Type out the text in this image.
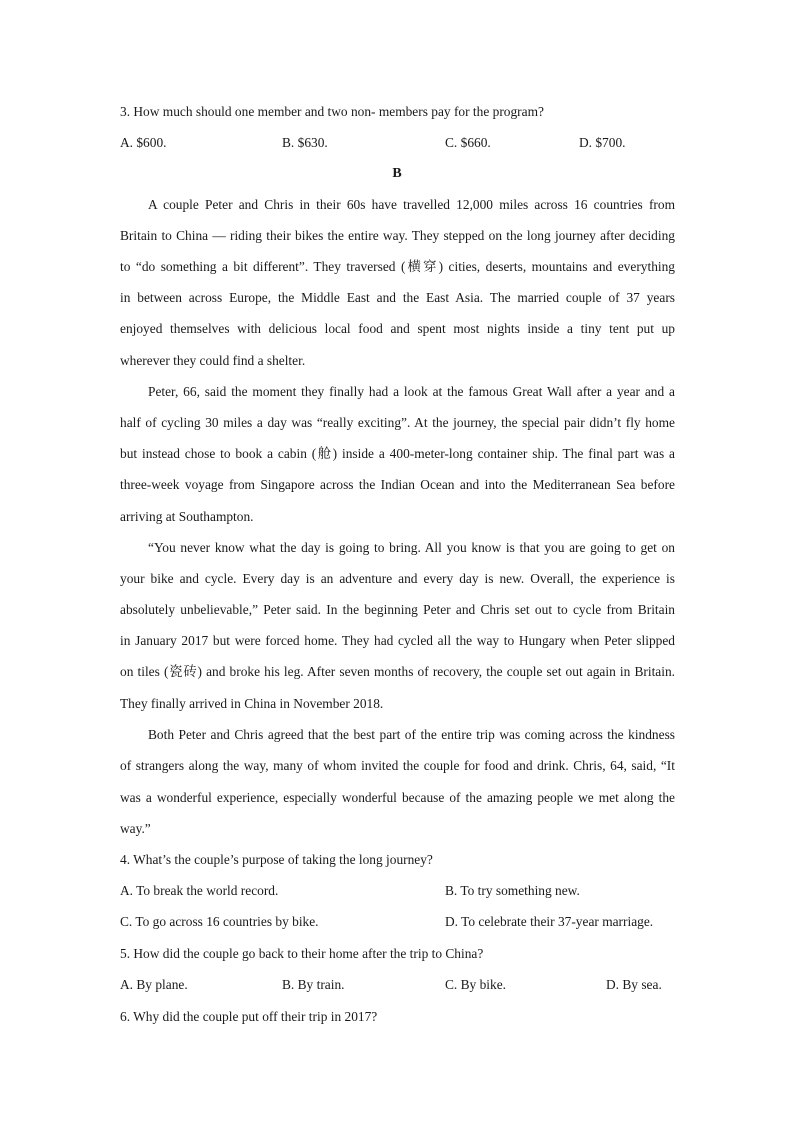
3. How much should one member and two non- members pay for the program?
A. $600.	B. $630.	C. $660.	D. $700.
B
A couple Peter and Chris in their 60s have travelled 12,000 miles across 16 countries from
Britain to China — riding their bikes the entire way. They stepped on the long journey after deciding
to “do something a bit different”. They traversed (横穿) cities, deserts, mountains and everything
in between across Europe, the Middle East and the East Asia. The married couple of 37 years
enjoyed themselves with delicious local food and spent most nights inside a tiny tent put up
wherever they could find a shelter.
Peter, 66, said the moment they finally had a look at the famous Great Wall after a year and a
half of cycling 30 miles a day was “really exciting”. At the journey, the special pair didn’t fly home
but instead chose to book a cabin (舱) inside a 400-meter-long container ship. The final part was a
three-week voyage from Singapore across the Indian Ocean and into the Mediterranean Sea before
arriving at Southampton.
“You never know what the day is going to bring. All you know is that you are going to get on
your bike and cycle. Every day is an adventure and every day is new. Overall, the experience is
absolutely unbelievable,” Peter said. In the beginning Peter and Chris set out to cycle from Britain
in January 2017 but were forced home. They had cycled all the way to Hungary when Peter slipped
on tiles (瓷砖) and broke his leg. After seven months of recovery, the couple set out again in Britain.
They finally arrived in China in November 2018.
Both Peter and Chris agreed that the best part of the entire trip was coming across the kindness
of strangers along the way, many of whom invited the couple for food and drink. Chris, 64, said, “It
was a wonderful experience, especially wonderful because of the amazing people we met along the
way.”
4. What’s the couple’s purpose of taking the long journey?
A. To break the world record.	B. To try something new.
C. To go across 16 countries by bike.	D. To celebrate their 37-year marriage.
5. How did the couple go back to their home after the trip to China?
A. By plane.	B. By train.	C. By bike.	D. By sea.
6. Why did the couple put off their trip in 2017?
